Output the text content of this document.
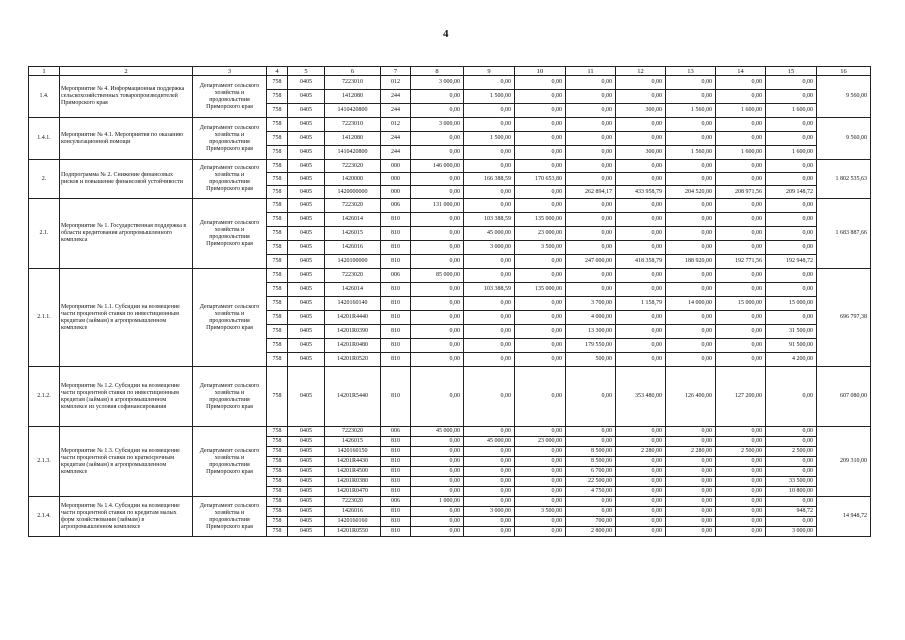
4
1	2	3	4	5	6	7	8	9	10	11	12	13	14	15	16
1.4.	Мероприятие № 4. Информационная поддержка сельскохозяйственных товаропроизводителей Приморского края	Департамент сельского хозяйства и продовольствия Приморского края	758	0405	7223010	012	3 000,00	0,00	0,00	0,00	0,00	0,00	0,00	0,00	9 560,00
			758	0405	1412080	244	0,00	1 500,00	0,00	0,00	0,00	0,00	0,00	0,00	
			758	0405	1410420800	244	0,00	0,00	0,00	0,00	300,00	1 560,00	1 600,00	1 600,00	
1.4.1.	Мероприятие № 4.1. Мероприятия по оказанию консультационной помощи	Департамент сельского хозяйства и продовольствия Приморского края	758	0405	7223010	012	3 000,00	0,00	0,00	0,00	0,00	0,00	0,00	0,00	9 560,00
			758	0405	1412080	244	0,00	1 500,00	0,00	0,00	0,00	0,00	0,00	0,00	
			758	0405	1410420800	244	0,00	0,00	0,00	0,00	300,00	1 560,00	1 600,00	1 600,00	
2.	Подпрограмма № 2. Снижение финансовых рисков и повышение финансовой устойчивости	Департамент сельского хозяйства и продовольствия Приморского края	758	0405	7223020	000	146 000,00	0,00	0,00	0,00	0,00	0,00	0,00	0,00	1 802 535,63
			758	0405	1420000	000	0,00	166 388,59	170 653,80	0,00	0,00	0,00	0,00	0,00	
			758	0405	1420000000	000	0,00	0,00	0,00	262 894,17	433 958,79	204 520,00	208 971,56	209 148,72	
2.1.	Мероприятие № 1. Государственная поддержка в области кредитования агропромышленного комплекса	Департамент сельского хозяйства и продовольствия Приморского края	758	0405	7223020	006	131 000,00	0,00	0,00	0,00	0,00	0,00	0,00	0,00	1 683 887,66
			758	0405	1426014	810	0,00	103 388,59	135 000,00	0,00	0,00	0,00	0,00	0,00	
			758	0405	1426015	810	0,00	45 000,00	23 000,00	0,00	0,00	0,00	0,00	0,00	
			758	0405	1426016	810	0,00	3 000,00	3 500,00	0,00	0,00	0,00	0,00	0,00	
			758	0405	1420100000	810	0,00	0,00	0,00	247 000,00	418 358,79	188 920,00	192 771,56	192 948,72	
2.1.1.	Мероприятие № 1.1. Субсидии на возмещение части процентной ставки по инвестиционным кредитам (займам) в агропромышленном комплексе	Департамент сельского хозяйства и продовольствия Приморского края	758	0405	7223020	006	85 000,00	0,00	0,00	0,00	0,00	0,00	0,00	0,00	696 797,38
			758	0405	1426014	810	0,00	103 388,59	135 000,00	0,00	0,00	0,00	0,00	0,00	
			758	0405	1420160140	810	0,00	0,00	0,00	3 700,00	1 158,79	14 000,00	15 000,00	15 000,00	
			758	0405	14201R4440	810	0,00	0,00	0,00	4 000,00	0,00	0,00	0,00	0,00	
			758	0405	14201R0390	810	0,00	0,00	0,00	13 300,00	0,00	0,00	0,00	31 500,00	
			758	0405	14201R0480	810	0,00	0,00	0,00	179 550,00	0,00	0,00	0,00	91 500,00	
			758	0405	14201R0520	810	0,00	0,00	0,00	500,00	0,00	0,00	0,00	4 200,00	
2.1.2.	Мероприятие № 1.2. Субсидии на возмещение части процентной ставки по инвестиционным кредитам (займам) в агропромышленном комплексе из условия софинансирования	Департамент сельского хозяйства и продовольствия Приморского края	758	0405	14201R5440	810	0,00	0,00	0,00	0,00	353 480,00	126 400,00	127 200,00	0,00	607 080,00
2.1.3.	Мероприятие № 1.3. Субсидии на возмещение части процентной ставки по краткосрочным кредитам (займам) в агропромышленном комплексе	Департамент сельского хозяйства и продовольствия Приморского края	758	0405	7223020	006	45 000,00	0,00	0,00	0,00	0,00	0,00	0,00	0,00	209 310,00
			758	0405	1426015	810	0,00	45 000,00	23 000,00	0,00	0,00	0,00	0,00	0,00	
			758	0405	1420160150	810	0,00	0,00	0,00	8 500,00	2 280,00	2 280,00	2 500,00	2 500,00	
			758	0405	14201R4430	810	0,00	0,00	0,00	8 500,00	0,00	0,00	0,00	0,00	
			758	0405	14201R4500	810	0,00	0,00	0,00	6 700,00	0,00	0,00	0,00	0,00	
			758	0405	14201R0380	810	0,00	0,00	0,00	22 500,00	0,00	0,00	0,00	33 500,00	
			758	0405	14201R0470	810	0,00	0,00	0,00	4 750,00	0,00	0,00	0,00	10 800,00	
2.1.4.	Мероприятие № 1.4. Субсидии на возмещение части процентной ставки по кредитам малых форм хозяйствования (займам) в агропромышленном комплексе	Департамент сельского хозяйства и продовольствия Приморского края	758	0405	7223020	006	1 000,00	0,00	0,00	0,00	0,00	0,00	0,00	0,00	14 948,72
			758	0405	1426016	810	0,00	3 000,00	3 500,00	0,00	0,00	0,00	0,00	948,72	
			758	0405	1420160160	810	0,00	0,00	0,00	700,00	0,00	0,00	0,00	0,00	
			758	0405	14201R0550	810	0,00	0,00	0,00	2 800,00	0,00	0,00	0,00	3 000,00	
